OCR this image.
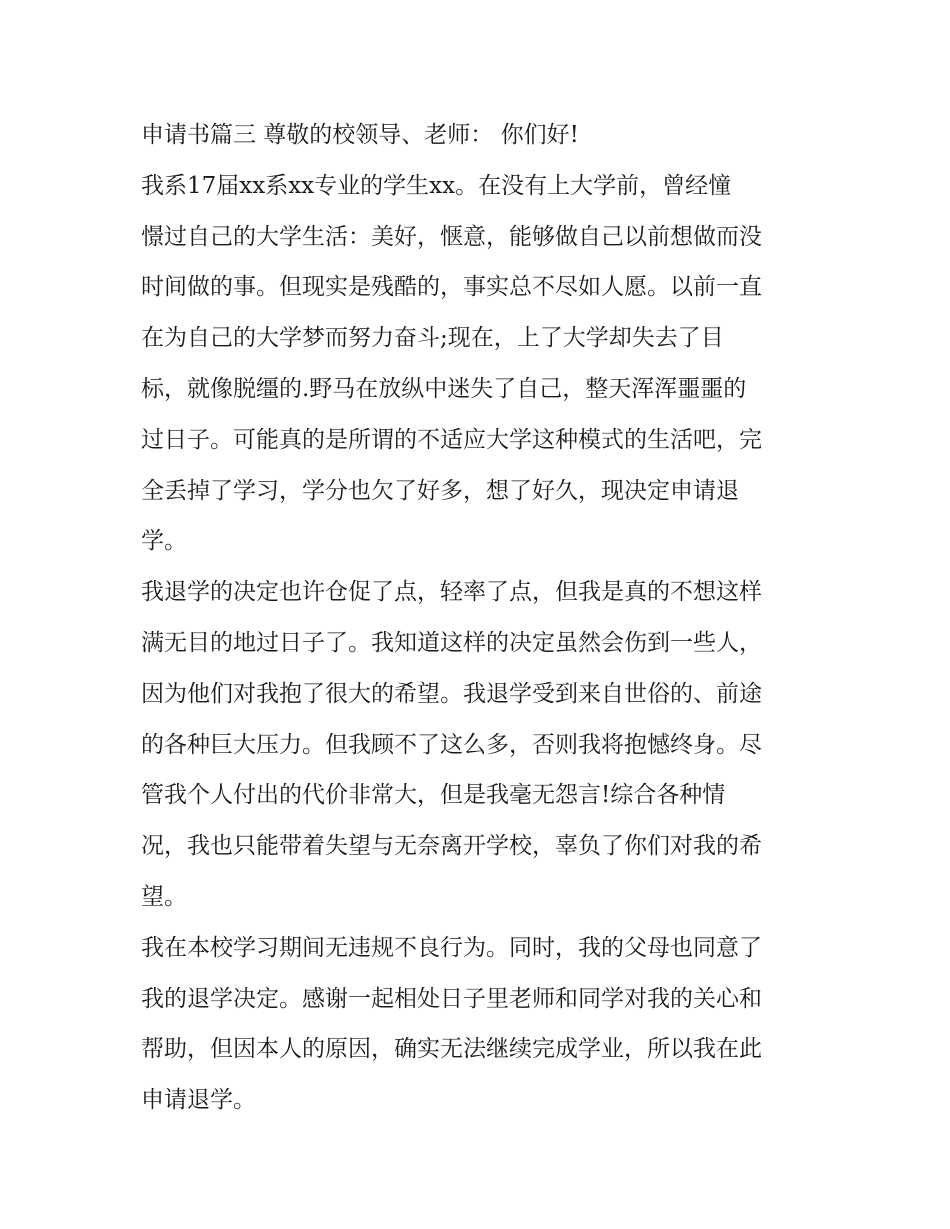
申请书篇三 尊敬的校领导、老师： 你们好!
我系17届xx系xx专业的学生xx。在没有上大学前，曾经憧
憬过自己的大学生活：美好，惬意，能够做自己以前想做而没
时间做的事。但现实是残酷的，事实总不尽如人愿。以前一直
在为自己的大学梦而努力奋斗;现在，上了大学却失去了目
标，就像脱缰的.野马在放纵中迷失了自己，整天浑浑噩噩的
过日子。可能真的是所谓的不适应大学这种模式的生活吧，完
全丢掉了学习，学分也欠了好多，想了好久，现决定申请退
学。
我退学的决定也许仓促了点，轻率了点，但我是真的不想这样
满无目的地过日子了。我知道这样的决定虽然会伤到一些人，
因为他们对我抱了很大的希望。我退学受到来自世俗的、前途
的各种巨大压力。但我顾不了这么多，否则我将抱憾终身。尽
管我个人付出的代价非常大，但是我毫无怨言!综合各种情
况，我也只能带着失望与无奈离开学校，辜负了你们对我的希
望。
我在本校学习期间无违规不良行为。同时，我的父母也同意了
我的退学决定。感谢一起相处日子里老师和同学对我的关心和
帮助，但因本人的原因，确实无法继续完成学业，所以我在此
申请退学。
